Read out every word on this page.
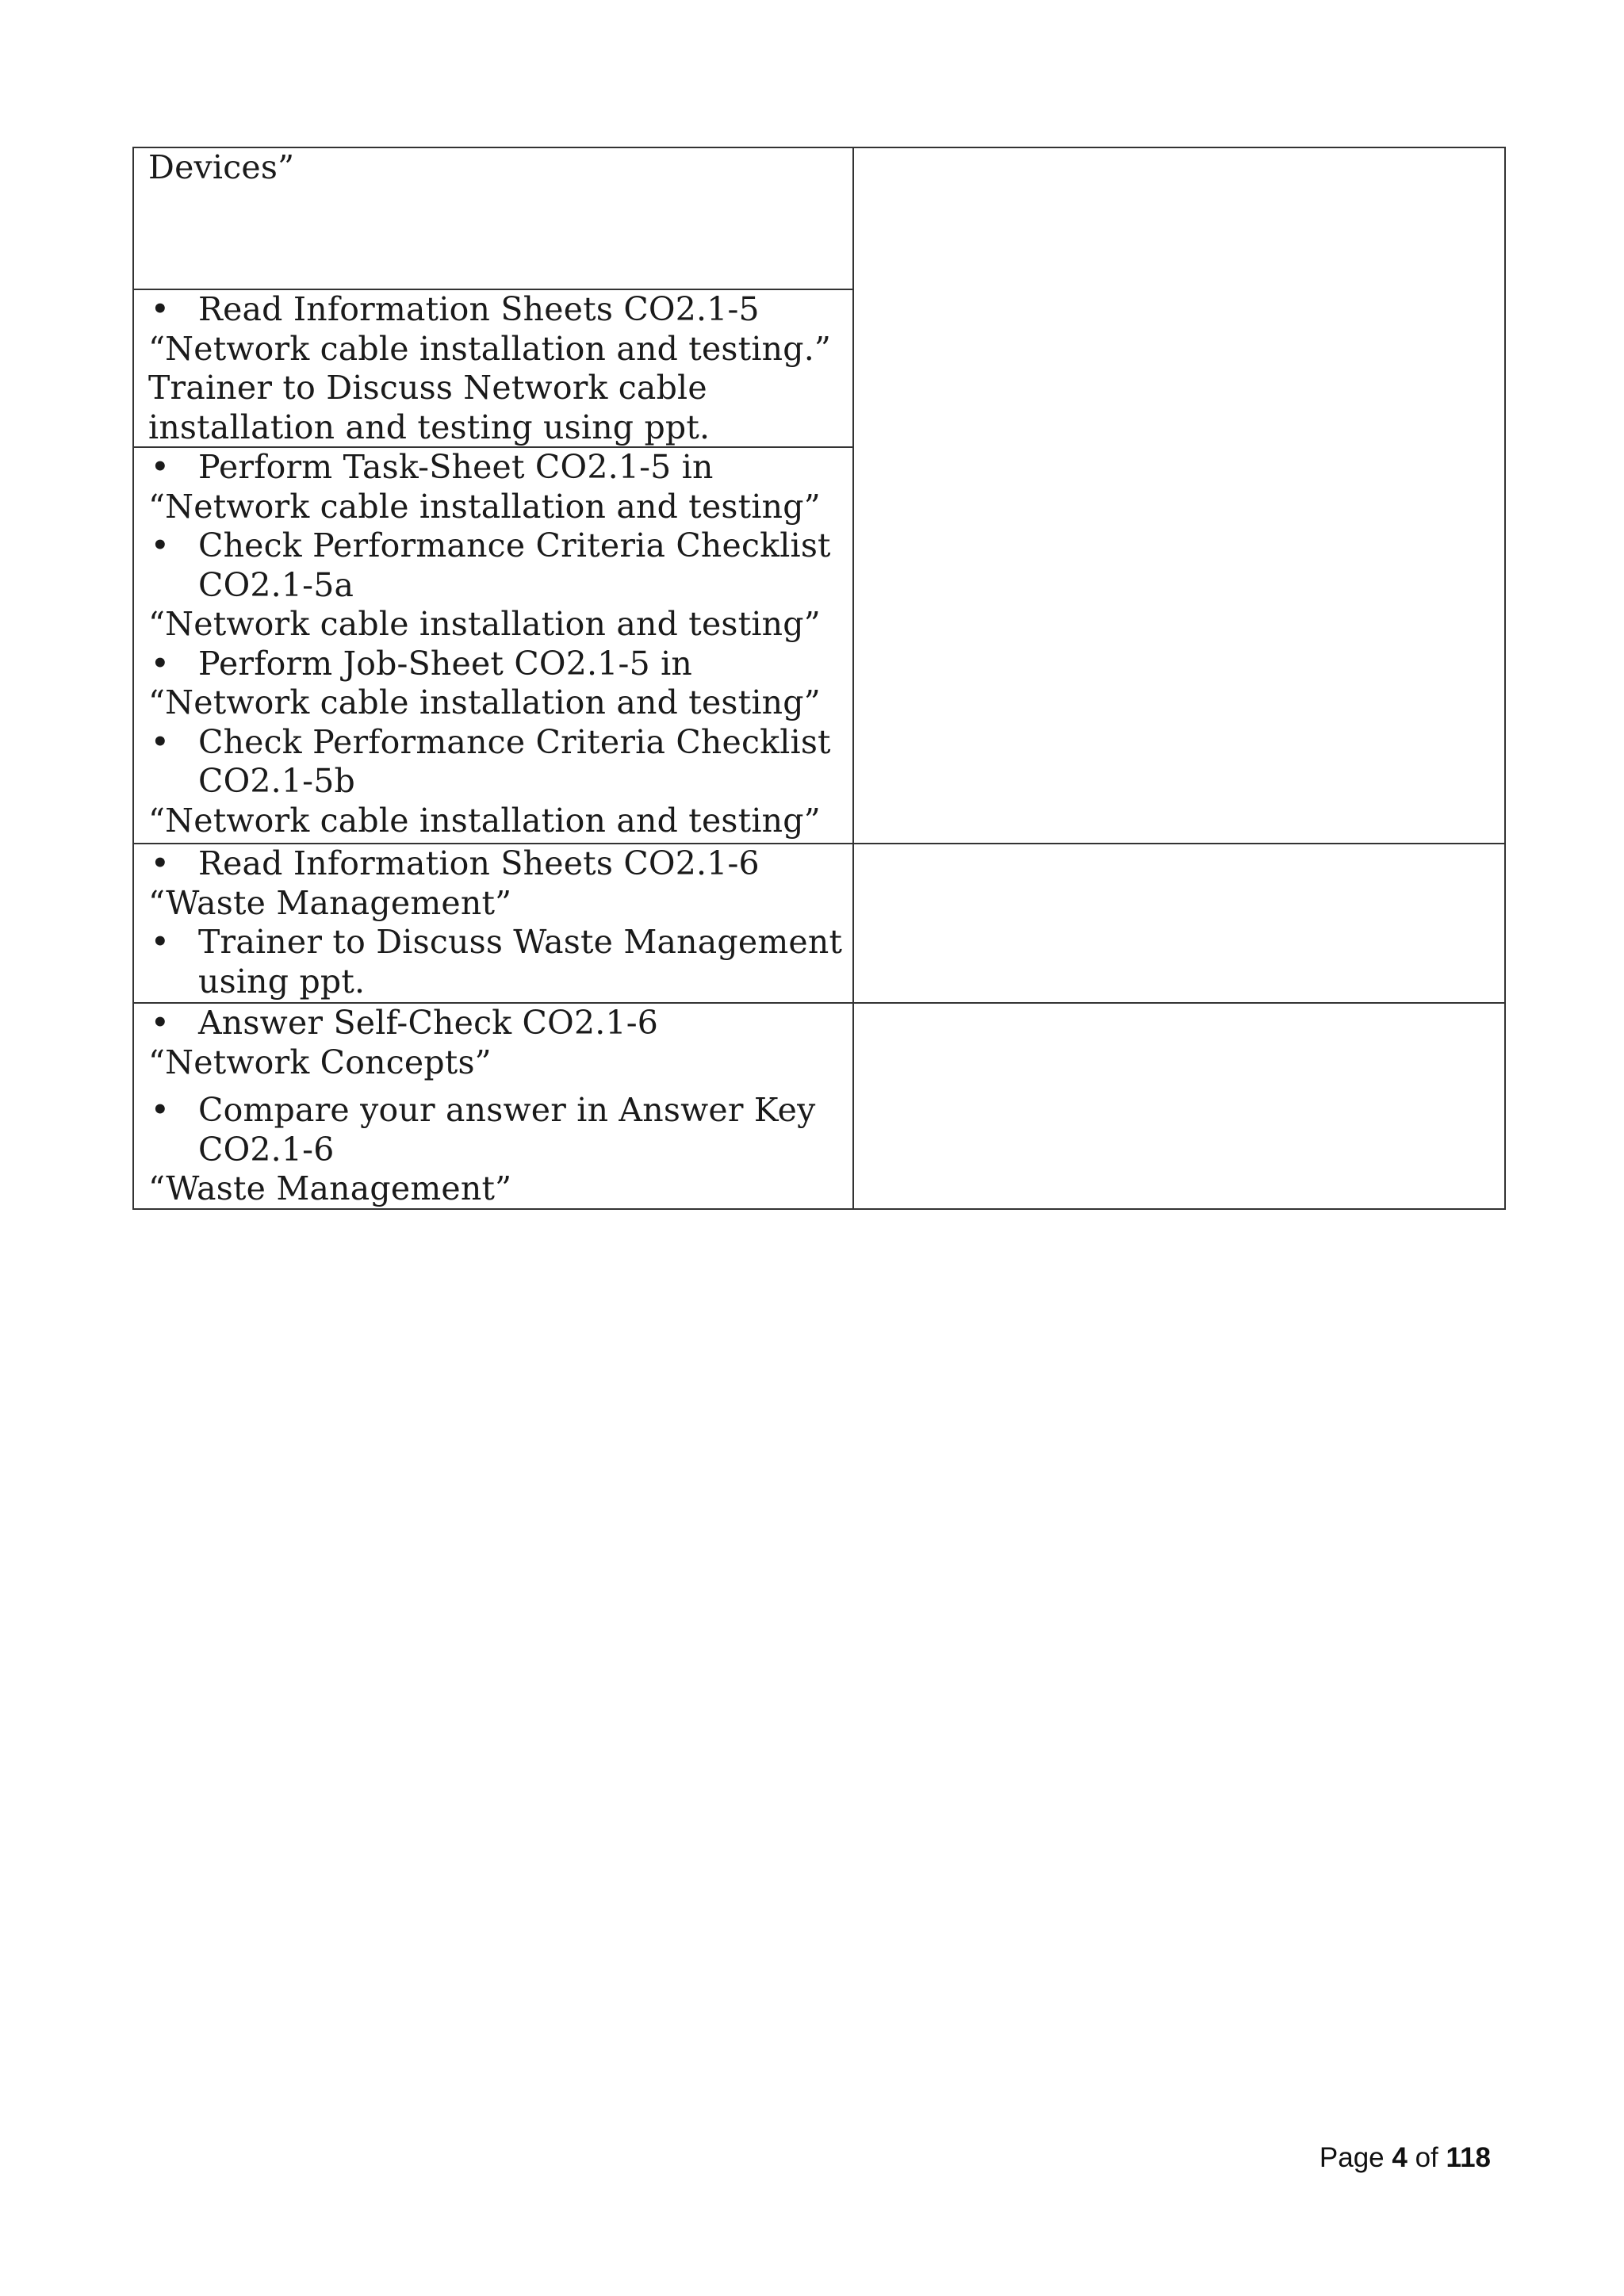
Devices”
• Read Information Sheets CO2.1-5
“Network cable installation and testing.”
Trainer to Discuss Network cable
installation and testing using ppt.
• Perform Task-Sheet CO2.1-5 in
“Network cable installation and testing”
• Check Performance Criteria Checklist
CO2.1-5a
“Network cable installation and testing”
• Perform Job-Sheet CO2.1-5 in
“Network cable installation and testing”
• Check Performance Criteria Checklist
CO2.1-5b
“Network cable installation and testing”
• Read Information Sheets CO2.1-6
“Waste Management”
• Trainer to Discuss Waste Management
using ppt.
• Answer Self-Check CO2.1-6
“Network Concepts”
• Compare your answer in Answer Key
CO2.1-6
“Waste Management”
Page 4 of 118
